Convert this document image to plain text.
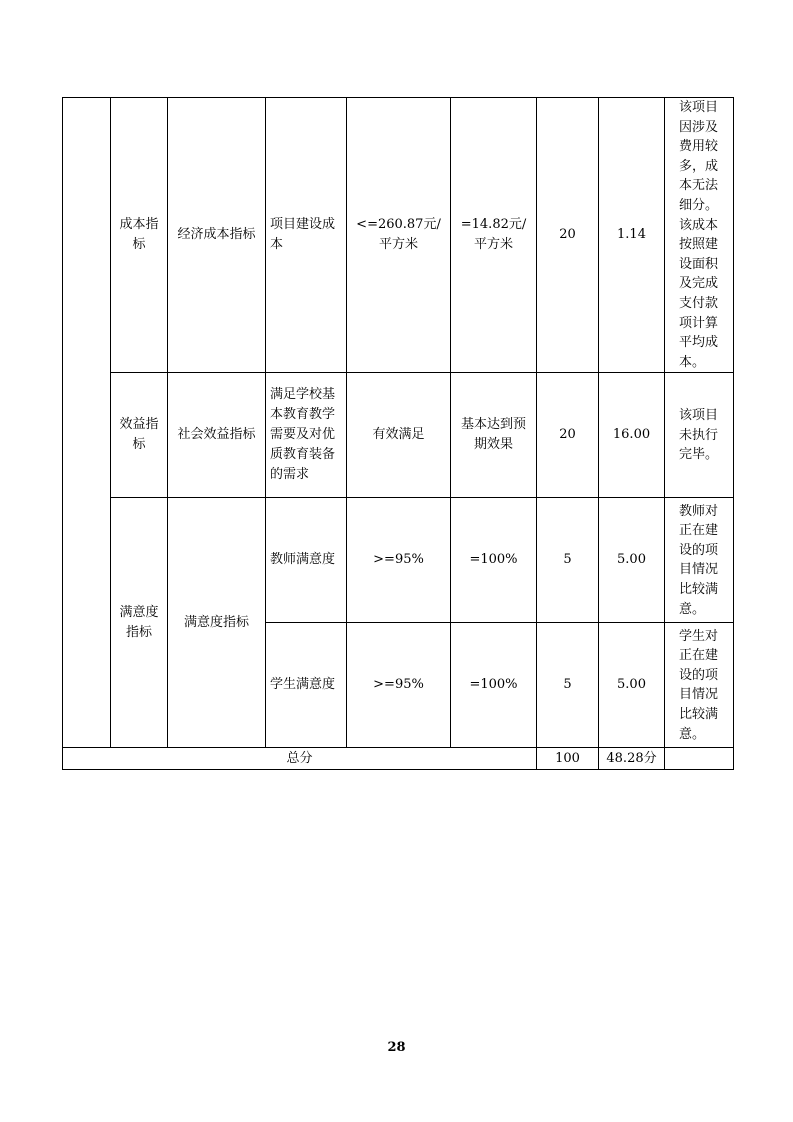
	成本指标	经济成本指标	项目建设成本	<=260.87元/平方米	=14.82元/平方米	20	1.14	该项目因涉及费用较多，成本无法细分。该成本按照建设面积及完成支付款项计算平均成本。
	效益指标	社会效益指标	满足学校基本教育教学需要及对优质教育装备的需求	有效满足	基本达到预期效果	20	16.00	该项目未执行完毕。
	满意度指标	满意度指标	教师满意度	>=95%	=100%	5	5.00	教师对正在建设的项目情况比较满意。
			学生满意度	>=95%	=100%	5	5.00	学生对正在建设的项目情况比较满意。
总分						100	48.28分	
28
